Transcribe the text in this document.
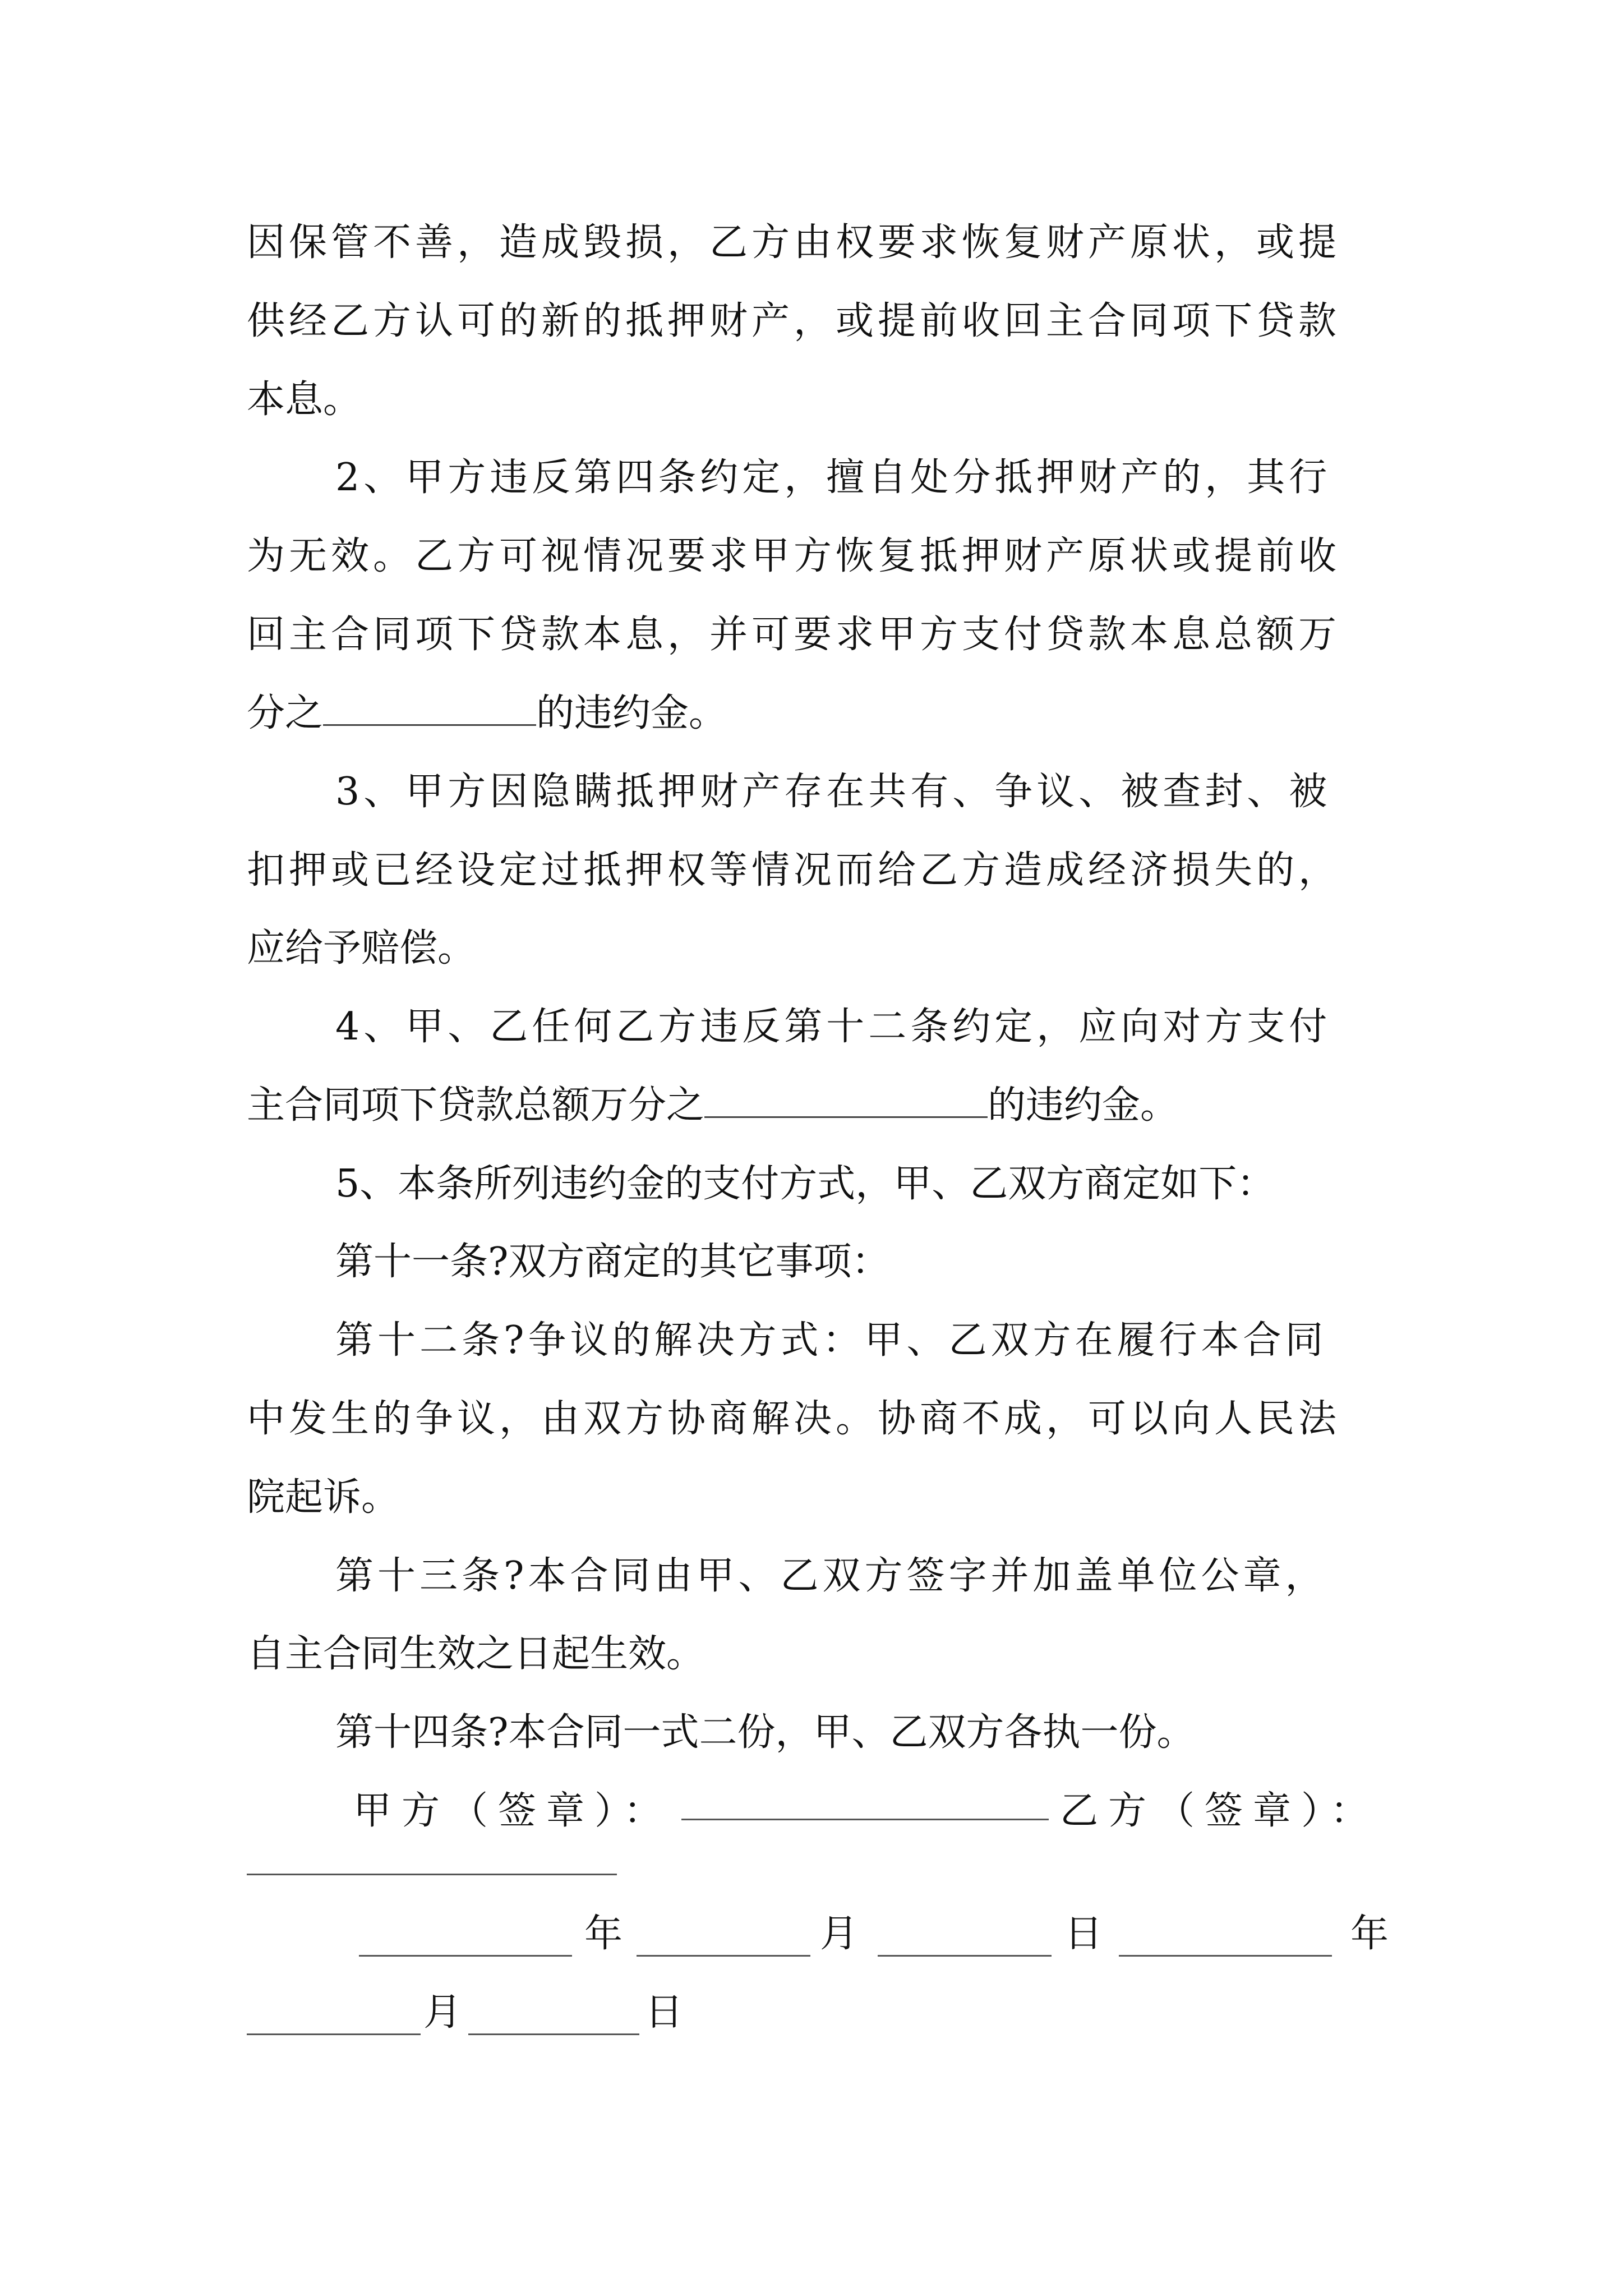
因保管不善，造成毁损，乙方由权要求恢复财产原状，或提
供经乙方认可的新的抵押财产，或提前收回主合同项下贷款
本息。
2、甲方违反第四条约定，擅自处分抵押财产的，其行
为无效。乙方可视情况要求甲方恢复抵押财产原状或提前收
回主合同项下贷款本息，并可要求甲方支付贷款本息总额万
分之	的违约金。
3、甲方因隐瞒抵押财产存在共有、争议、被查封、被
扣押或已经设定过抵押权等情况而给乙方造成经济损失的，
应给予赔偿。
4、甲、乙任何乙方违反第十二条约定，应向对方支付
主合同项下贷款总额万分之	的违约金。
5、本条所列违约金的支付方式，甲、乙双方商定如下：
第十一条?双方商定的其它事项：
第十二条?争议的解决方式：甲、乙双方在履行本合同
中发生的争议，由双方协商解决。协商不成，可以向人民法
院起诉。
第十三条?本合同由甲、乙双方签字并加盖单位公章，
自主合同生效之日起生效。
第十四条?本合同一式二份，甲、乙双方各执一份。
甲方（签章）：	乙方（签章）：
年	月	日	年
月	日
